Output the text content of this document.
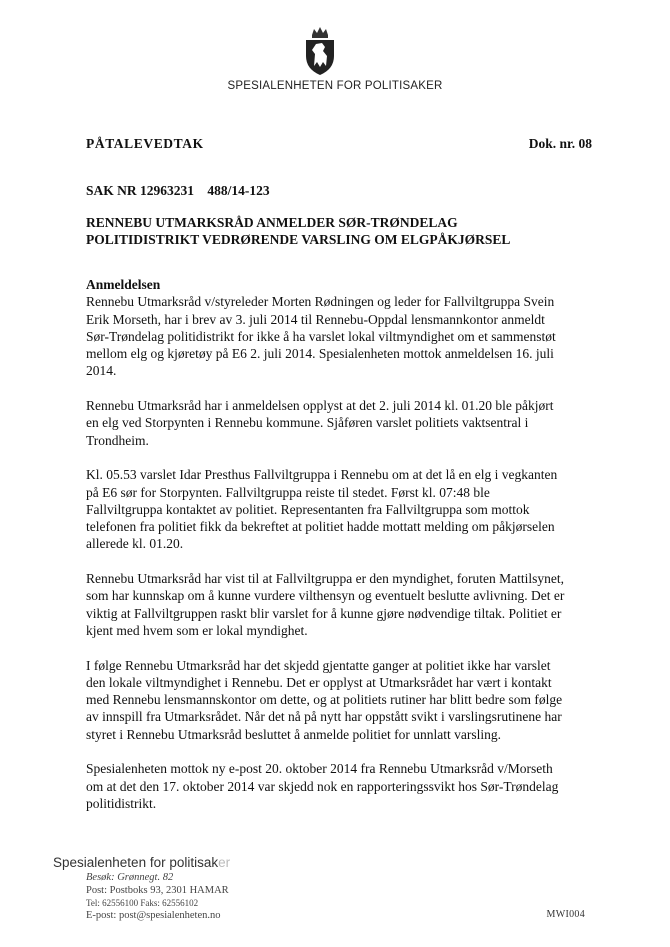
SPESIALENHETEN FOR POLITISAKER
PÅTALEVEDTAK	Dok. nr. 08
SAK NR 12963231 488/14-123
RENNEBU UTMARKSRÅD ANMELDER SØR-TRØNDELAG
POLITIDISTRIKT VEDRØRENDE VARSLING OM ELGPÅKJØRSEL
Anmeldelsen
Rennebu Utmarksråd v/styreleder Morten Rødningen og leder for Fallviltgruppa Svein
Erik Morseth, har i brev av 3. juli 2014 til Rennebu-Oppdal lensmannkontor anmeldt
Sør-Trøndelag politidistrikt for ikke å ha varslet lokal viltmyndighet om et sammenstøt
mellom elg og kjøretøy på E6 2. juli 2014. Spesialenheten mottok anmeldelsen 16. juli
2014.
Rennebu Utmarksråd har i anmeldelsen opplyst at det 2. juli 2014 kl. 01.20 ble påkjørt
en elg ved Storpynten i Rennebu kommune. Sjåføren varslet politiets vaktsentral i
Trondheim.
Kl. 05.53 varslet Idar Presthus Fallviltgruppa i Rennebu om at det lå en elg i vegkanten
på E6 sør for Storpynten. Fallviltgruppa reiste til stedet. Først kl. 07:48 ble
Fallviltgruppa kontaktet av politiet. Representanten fra Fallviltgruppa som mottok
telefonen fra politiet fikk da bekreftet at politiet hadde mottatt melding om påkjørselen
allerede kl. 01.20.
Rennebu Utmarksråd har vist til at Fallviltgruppa er den myndighet, foruten Mattilsynet,
som har kunnskap om å kunne vurdere vilthensyn og eventuelt beslutte avlivning. Det er
viktig at Fallviltgruppen raskt blir varslet for å kunne gjøre nødvendige tiltak. Politiet er
kjent med hvem som er lokal myndighet.
I følge Rennebu Utmarksråd har det skjedd gjentatte ganger at politiet ikke har varslet
den lokale viltmyndighet i Rennebu. Det er opplyst at Utmarksrådet har vært i kontakt
med Rennebu lensmannskontor om dette, og at politiets rutiner har blitt bedre som følge
av innspill fra Utmarksrådet. Når det nå på nytt har oppstått svikt i varslingsrutinene har
styret i Rennebu Utmarksråd besluttet å anmelde politiet for unnlatt varsling.
Spesialenheten mottok ny e-post 20. oktober 2014 fra Rennebu Utmarksråd v/Morseth
om at det den 17. oktober 2014 var skjedd nok en rapporteringssvikt hos Sør-Trøndelag
politidistrikt.
Spesialenheten for politisaker
Besøk: Grønnegt. 82
Post: Postboks 93, 2301 HAMAR
Tel: 62556100 Faks: 62556102
E-post: post@spesialenheten.no	MWI004
